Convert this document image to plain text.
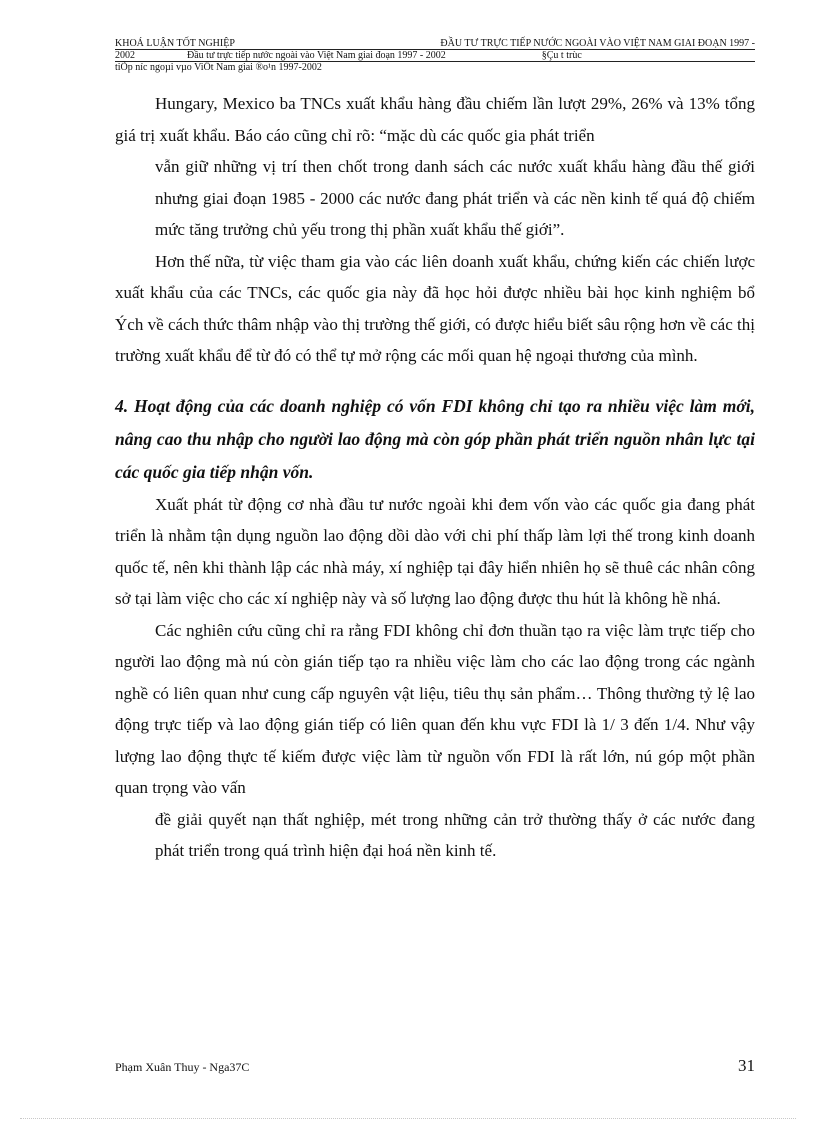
KHOÁ LUẬN TỐT NGHIỆP	ĐẦU TƯ TRỰC TIẾP NƯỚC NGOÀI VÀO VIỆT NAM GIAI ĐOẠN 1997 -
2002	Đầu tư trực tiếp nước ngoài vào Việt Nam giai đoạn 1997 - 2002	§Çu t trùc
tiÕp níc ngoµi vµo ViÖt Nam giai ®o¹n 1997-2002

Hungary, Mexico ba TNCs xuất khẩu hàng đầu chiếm lần lượt 29%, 26% và 13% tổng giá trị xuất khẩu. Báo cáo cũng chỉ rõ: “mặc dù các quốc gia phát triển

vẫn giữ những vị trí then chốt trong danh sách các nước xuất khẩu hàng đầu thế giới nhưng giai đoạn 1985 - 2000 các nước đang phát triển và các nền kinh tế quá độ chiếm mức tăng trưởng chủ yếu trong thị phần xuất khẩu thế giới”.

Hơn thế nữa, từ việc tham gia vào các liên doanh xuất khẩu, chứng kiến các chiến lược xuất khẩu của các TNCs, các quốc gia này đã học hỏi được nhiều bài học kinh nghiệm bổ Ých về cách thức thâm nhập vào thị trường thế giới, có được hiểu biết sâu rộng hơn về các thị trường xuất khẩu để từ đó có thể tự mở rộng các mối quan hệ ngoại thương của mình.

4. Hoạt động của các doanh nghiệp có vốn FDI không chỉ tạo ra nhiều việc làm mới, nâng cao thu nhập cho người lao động mà còn góp phần phát triển nguồn nhân lực tại các quốc gia tiếp nhận vốn.

Xuất phát từ động cơ nhà đầu tư nước ngoài khi đem vốn vào các quốc gia đang phát triển là nhằm tận dụng nguồn lao động dồi dào với chi phí thấp làm lợi thế trong kinh doanh quốc tế, nên khi thành lập các nhà máy, xí nghiệp tại đây hiển nhiên họ sẽ thuê các nhân công sở tại làm việc cho các xí nghiệp này và số lượng lao động được thu hút là không hề nhá.

Các nghiên cứu cũng chỉ ra rằng FDI không chỉ đơn thuần tạo ra việc làm trực tiếp cho người lao động mà nú còn gián tiếp tạo ra nhiều việc làm cho các lao động trong các ngành nghề có liên quan như cung cấp nguyên vật liệu, tiêu thụ sản phẩm… Thông thường tỷ lệ lao động trực tiếp và lao động gián tiếp có liên quan đến khu vực FDI là 1/ 3 đến 1/4. Như vậy lượng lao động thực tế kiếm được việc làm từ nguồn vốn FDI là rất lớn, nú góp một phần quan trọng vào vấn

đề giải quyết nạn thất nghiệp, mét trong những cản trở thường thấy ở các nước đang phát triển trong quá trình hiện đại hoá nền kinh tế.

Phạm Xuân Thuy - Nga37C	31
